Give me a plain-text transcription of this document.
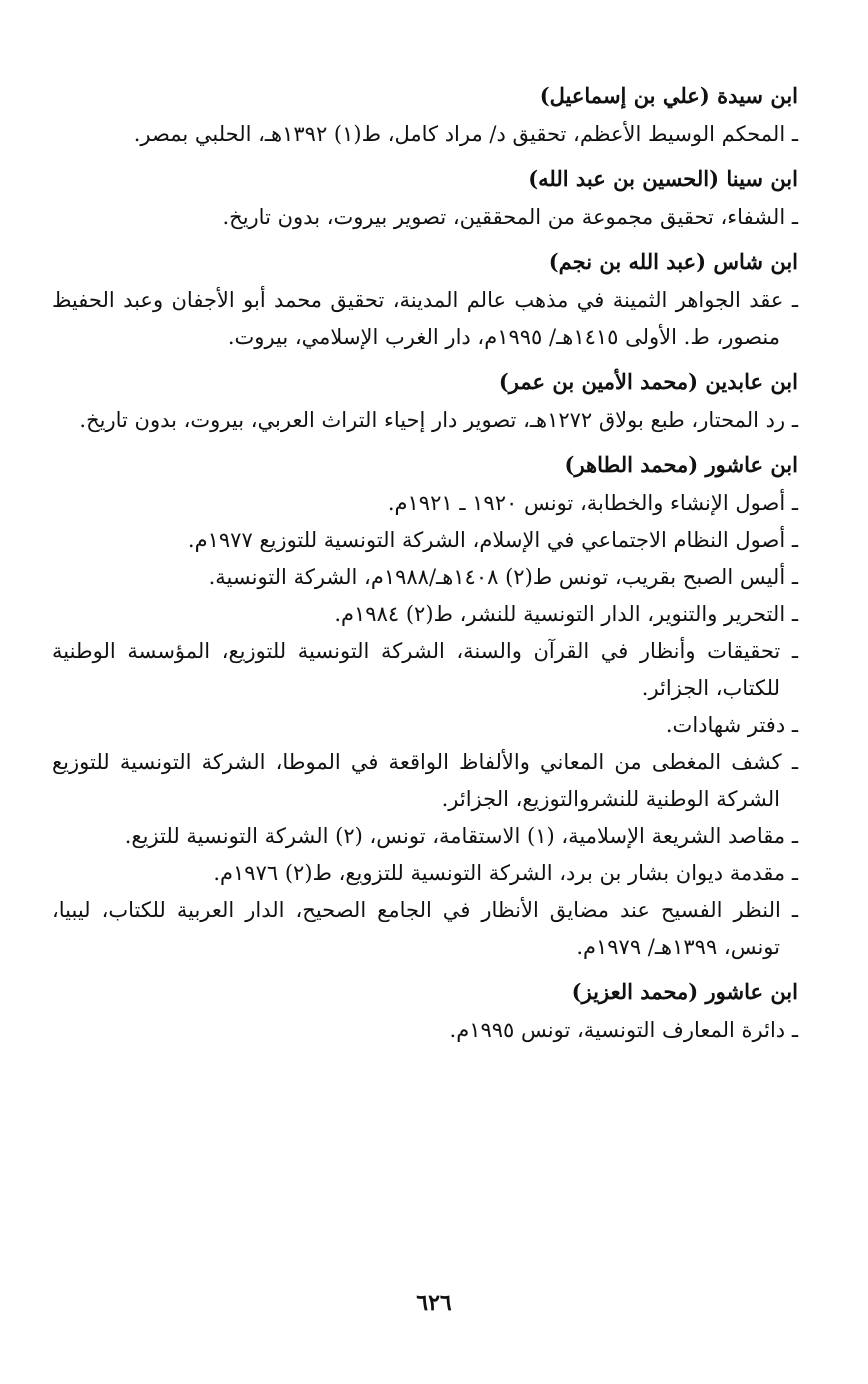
ابن سيدة (علي بن إسماعيل)

ـ المحكم الوسيط الأعظم، تحقيق د/ مراد كامل، ط(١) ١٣٩٢هـ، الحلبي بمصر.

ابن سينا (الحسين بن عبد الله)

ـ الشفاء، تحقيق مجموعة من المحققين، تصوير بيروت، بدون تاريخ.

ابن شاس (عبد الله بن نجم)

ـ عقد الجواهر الثمينة في مذهب عالم المدينة، تحقيق محمد أبو الأجفان وعبد الحفيظ منصور، ط. الأولى ١٤١٥هـ/ ١٩٩٥م، دار الغرب الإسلامي، بيروت.

ابن عابدين (محمد الأمين بن عمر)

ـ رد المحتار، طبع بولاق ١٢٧٢هـ، تصوير دار إحياء التراث العربي، بيروت، بدون تاريخ.

ابن عاشور (محمد الطاهر)

ـ أصول الإنشاء والخطابة، تونس ١٩٢٠ ـ ١٩٢١م.

ـ أصول النظام الاجتماعي في الإسلام، الشركة التونسية للتوزيع ١٩٧٧م.

ـ أليس الصبح بقريب، تونس ط(٢) ١٤٠٨هـ/١٩٨٨م، الشركة التونسية.

ـ التحرير والتنوير، الدار التونسية للنشر، ط(٢) ١٩٨٤م.

ـ تحقيقات وأنظار في القرآن والسنة، الشركة التونسية للتوزيع، المؤسسة الوطنية للكتاب، الجزائر.

ـ دفتر شهادات.

ـ كشف المغطى من المعاني والألفاظ الواقعة في الموطا، الشركة التونسية للتوزيع الشركة الوطنية للنشروالتوزيع، الجزائر.

ـ مقاصد الشريعة الإسلامية، (١) الاستقامة، تونس، (٢) الشركة التونسية للتزيع.

ـ مقدمة ديوان بشار بن برد، الشركة التونسية للتزويع، ط(٢) ١٩٧٦م.

ـ النظر الفسيح عند مضايق الأنظار في الجامع الصحيح، الدار العربية للكتاب، ليبيا، تونس، ١٣٩٩هـ/ ١٩٧٩م.

ابن عاشور (محمد العزيز)

ـ دائرة المعارف التونسية، تونس ١٩٩٥م.

٦٢٦
